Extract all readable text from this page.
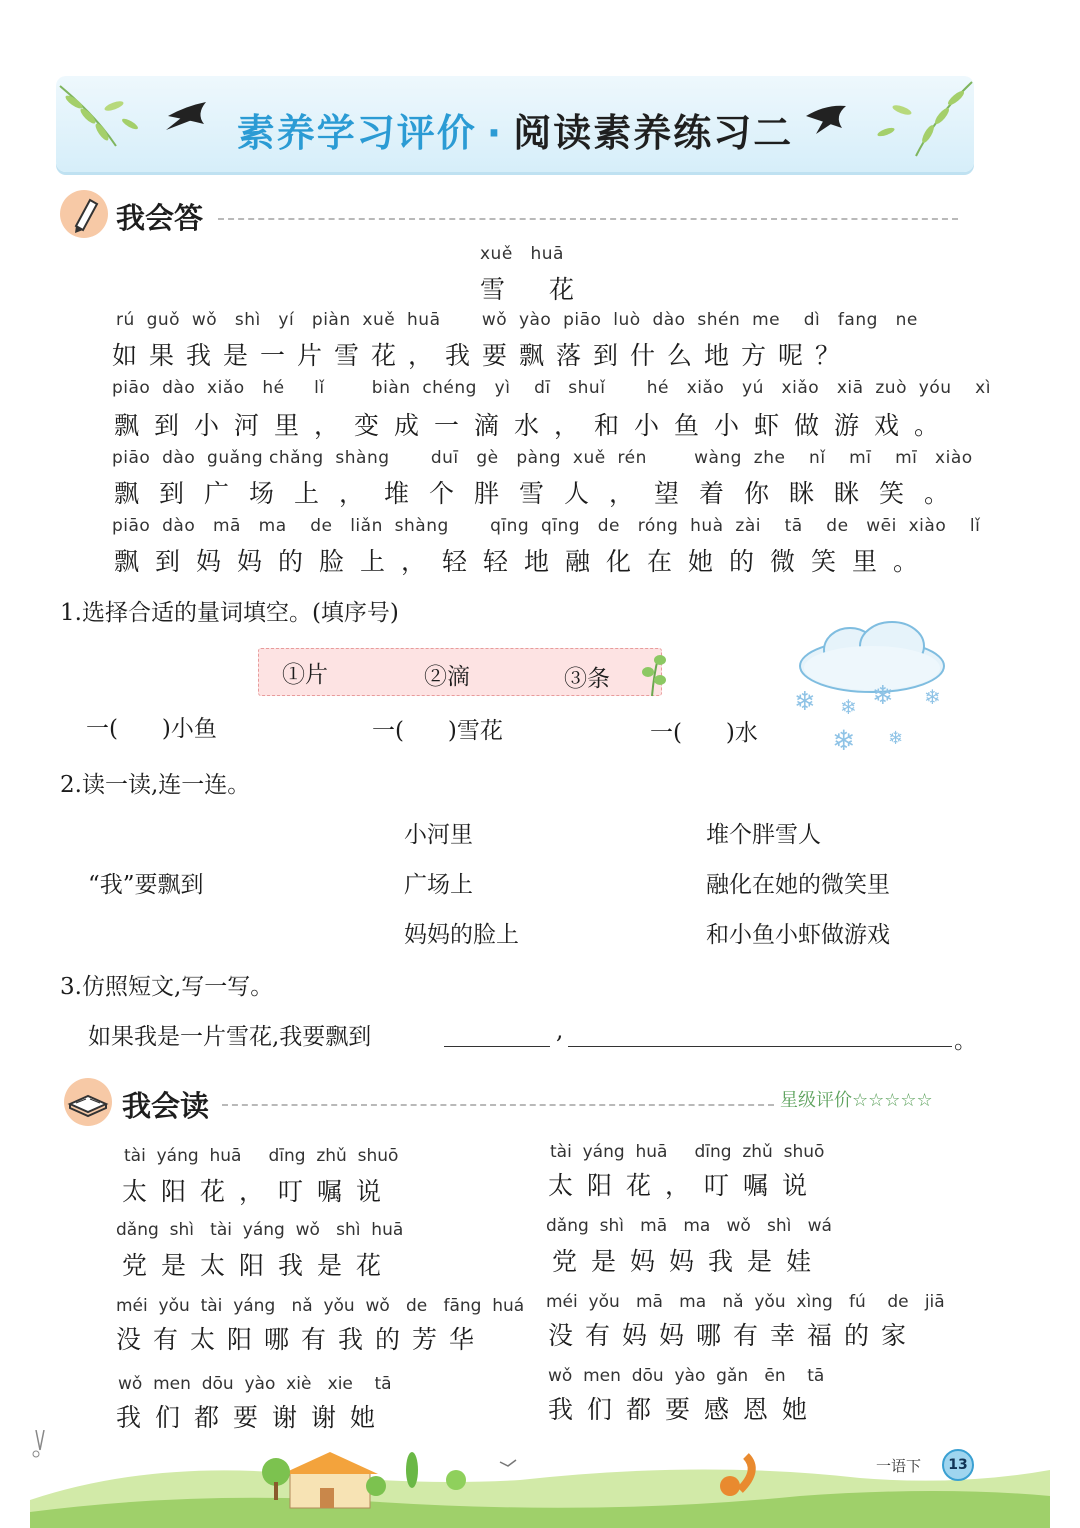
素养学习评价 · 阅读素养练习二
我会答
xuě   huā
雪 花
rú  guǒ  wǒ   shì   yí   piàn  xuě  huā       wǒ  yào  piāo  luò  dào  shén  me    dì   fang   ne
如果我是一片雪花，我要飘落到什么地方呢？
piāo  dào  xiǎo   hé     lǐ        biàn  chéng   yì    dī   shuǐ       hé   xiǎo   yú   xiǎo   xiā  zuò  yóu    xì
飘到小河里，变成一滴水，和小鱼小虾做游戏。
piāo  dào  guǎng chǎng  shàng       duī   gè   pàng  xuě  rén        wàng  zhe    nǐ    mī    mī   xiào
飘到广场上，堆个胖雪人，望着你眯眯笑。
piāo  dào   mā   ma    de   liǎn  shàng       qīng  qīng   de   róng  huà  zài    tā    de   wēi  xiào    lǐ
飘到妈妈的脸上，轻轻地融化在她的微笑里。
1.选择合适的量词填空。(填序号)
①片	②滴	③条
一(      )小鱼	一(      )雪花	一(      )水
❄ ❄ ❄ ❄
❄ ❄
2.读一读,连一连。
“我”要飘到
小河里
广场上
妈妈的脸上
堆个胖雪人
融化在她的微笑里
和小鱼小虾做游戏
3.仿照短文,写一写。
如果我是一片雪花,我要飘到	,	。
我会读	星级评价☆☆☆☆☆
tài  yáng  huā     dīng  zhǔ  shuō
太阳花，叮嘱说
dǎng  shì   tài  yáng  wǒ   shì  huā
党是太阳我是花
méi  yǒu  tài  yáng   nǎ  yǒu  wǒ   de   fāng  huá
没有太阳哪有我的芳华
wǒ  men  dōu  yào  xiè   xie    tā
我们都要谢谢她
tài  yáng  huā     dīng  zhǔ  shuō
太阳花，叮嘱说
dǎng  shì   mā   ma   wǒ   shì   wá
党是妈妈我是娃
méi  yǒu   mā   ma   nǎ  yǒu  xìng   fú    de   jiā
没有妈妈哪有幸福的家
wǒ  men  dōu  yào  gǎn   ēn    tā
我们都要感恩她
一语下	13
